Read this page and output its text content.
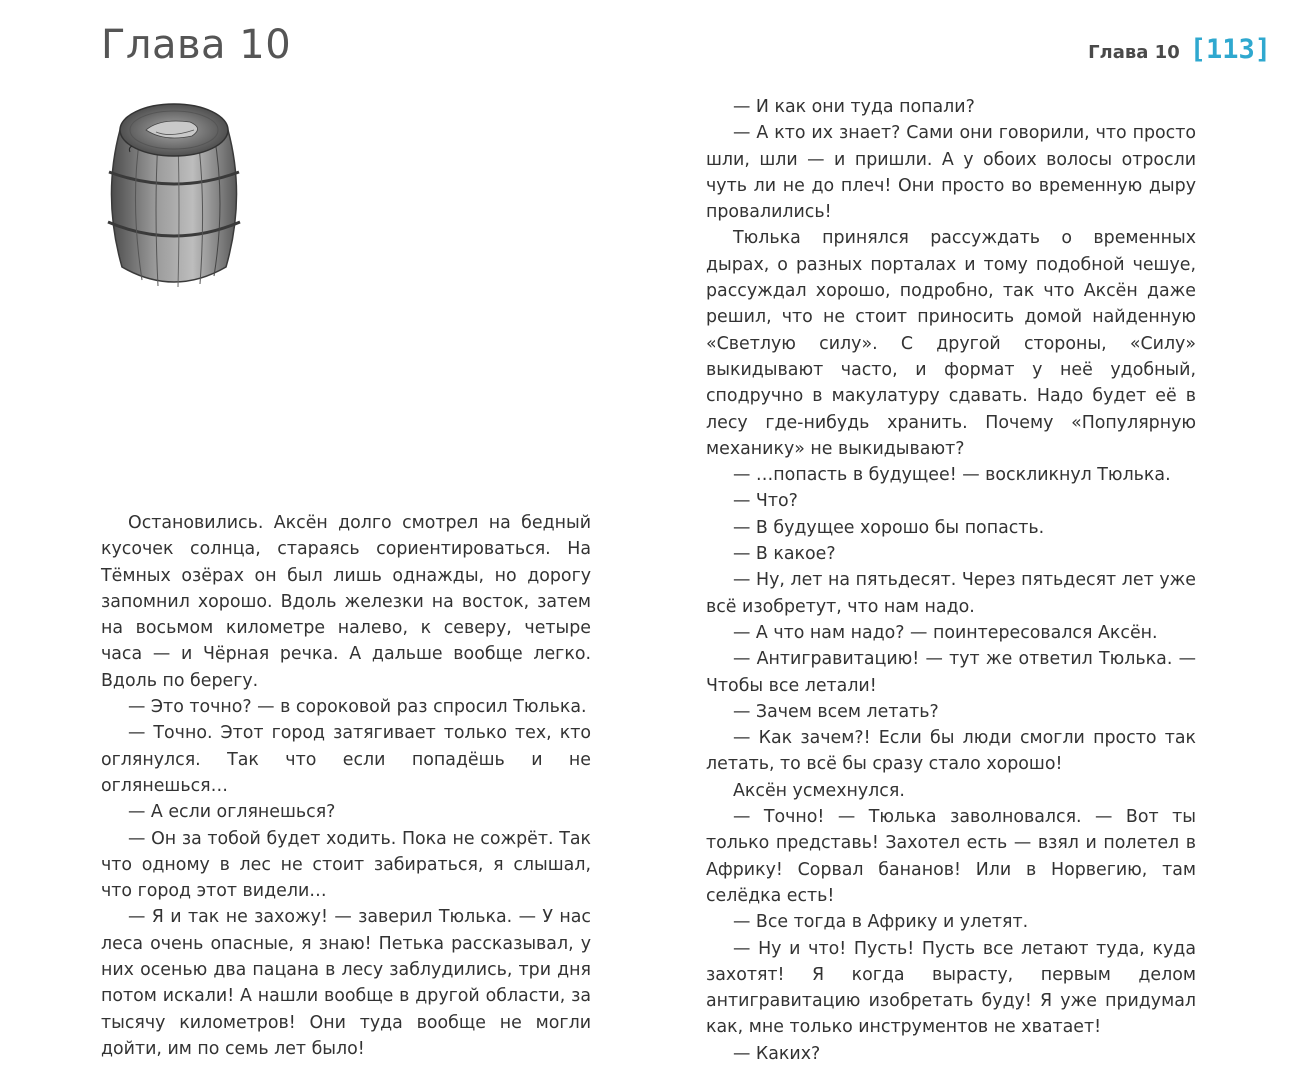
Глава 10

Остановились. Аксён долго смотрел на бедный кусочек солнца, стараясь сориентироваться. На Тёмных озёрах он был лишь однажды, но дорогу запомнил хорошо. Вдоль железки на восток, затем на восьмом километре налево, к северу, четыре часа — и Чёрная речка. А дальше вообще легко. Вдоль по берегу.

— Это точно? — в сороковой раз спросил Тюлька.

— Точно. Этот город затягивает только тех, кто оглянулся. Так что если попадёшь и не оглянешься…

— А если оглянешься?

— Он за тобой будет ходить. Пока не сожрёт. Так что одному в лес не стоит забираться, я слышал, что город этот видели…

— Я и так не захожу! — заверил Тюлька. — У нас леса очень опасные, я знаю! Петька рассказывал, у них осенью два пацана в лесу заблудились, три дня потом искали! А нашли вообще в другой области, за тысячу километров! Они туда вообще не могли дойти, им по семь лет было!

Глава 10 [113]

— И как они туда попали?

— А кто их знает? Сами они говорили, что просто шли, шли — и пришли. А у обоих волосы отросли чуть ли не до плеч! Они просто во временную дыру провалились!

Тюлька принялся рассуждать о временных дырах, о разных порталах и тому подобной чешуе, рассуждал хорошо, подробно, так что Аксён даже решил, что не стоит приносить домой найденную «Светлую силу». С другой стороны, «Силу» выкидывают часто, и формат у неё удобный, сподручно в макулатуру сдавать. Надо будет её в лесу где-нибудь хранить. Почему «Популярную механику» не выкидывают?

— …попасть в будущее! — воскликнул Тюлька.

— Что?

— В будущее хорошо бы попасть.

— В какое?

— Ну, лет на пятьдесят. Через пятьдесят лет уже всё изобретут, что нам надо.

— А что нам надо? — поинтересовался Аксён.

— Антигравитацию! — тут же ответил Тюлька. — Чтобы все летали!

— Зачем всем летать?

— Как зачем?! Если бы люди смогли просто так летать, то всё бы сразу стало хорошо!

Аксён усмехнулся.

— Точно! — Тюлька заволновался. — Вот ты только представь! Захотел есть — взял и полетел в Африку! Сорвал бананов! Или в Норвегию, там селёдка есть!

— Все тогда в Африку и улетят.

— Ну и что! Пусть! Пусть все летают туда, куда захотят! Я когда вырасту, первым делом антигравитацию изобретать буду! Я уже придумал как, мне только инструментов не хватает!

— Каких?
